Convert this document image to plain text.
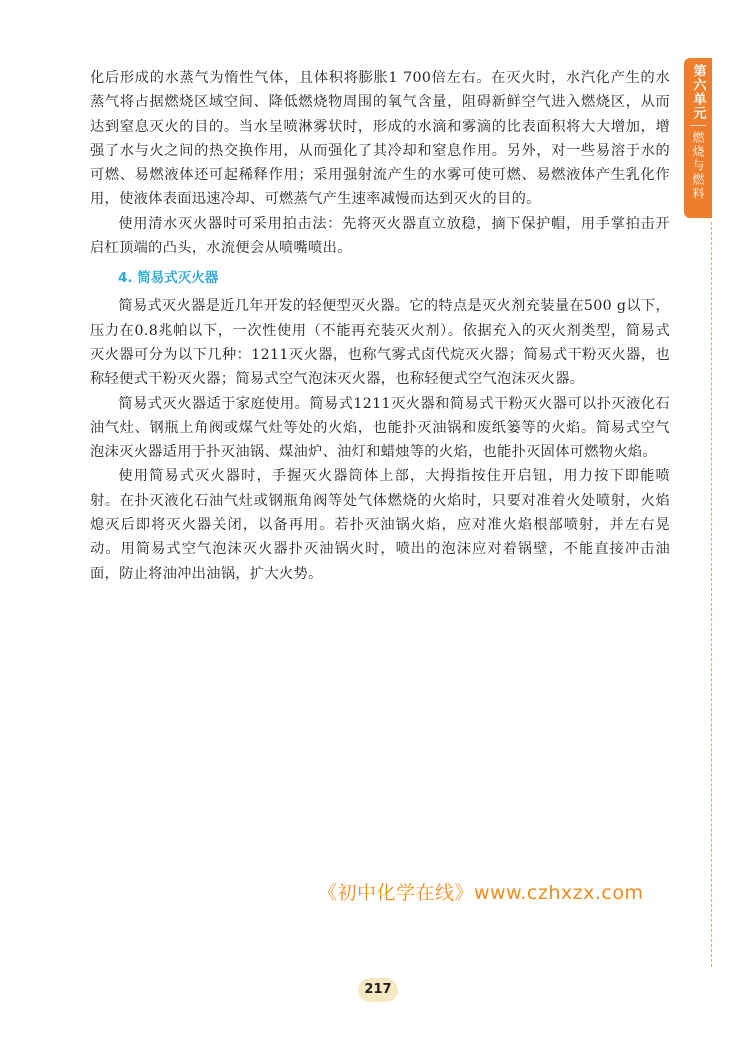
化后形成的水蒸气为惰性气体，且体积将膨胀1 700倍左右。在灭火时，水汽化产生的水蒸气将占据燃烧区域空间、降低燃烧物周围的氧气含量，阻碍新鲜空气进入燃烧区，从而达到窒息灭火的目的。当水呈喷淋雾状时，形成的水滴和雾滴的比表面积将大大增加，增强了水与火之间的热交换作用，从而强化了其冷却和窒息作用。另外，对一些易溶于水的可燃、易燃液体还可起稀释作用；采用强射流产生的水雾可使可燃、易燃液体产生乳化作用，使液体表面迅速冷却、可燃蒸气产生速率减慢而达到灭火的目的。

使用清水灭火器时可采用拍击法：先将灭火器直立放稳，摘下保护帽，用手掌拍击开启杠顶端的凸头，水流便会从喷嘴喷出。

4. 简易式灭火器

简易式灭火器是近几年开发的轻便型灭火器。它的特点是灭火剂充装量在500 g以下，压力在0.8兆帕以下，一次性使用（不能再充装灭火剂）。依据充入的灭火剂类型，简易式灭火器可分为以下几种：1211灭火器，也称气雾式卤代烷灭火器；简易式干粉灭火器，也称轻便式干粉灭火器；简易式空气泡沫灭火器，也称轻便式空气泡沫灭火器。

简易式灭火器适于家庭使用。简易式1211灭火器和简易式干粉灭火器可以扑灭液化石油气灶、钢瓶上角阀或煤气灶等处的火焰，也能扑灭油锅和废纸篓等的火焰。简易式空气泡沫灭火器适用于扑灭油锅、煤油炉、油灯和蜡烛等的火焰，也能扑灭固体可燃物火焰。

使用简易式灭火器时，手握灭火器筒体上部，大拇指按住开启钮，用力按下即能喷射。在扑灭液化石油气灶或钢瓶角阀等处气体燃烧的火焰时，只要对准着火处喷射，火焰熄灭后即将灭火器关闭，以备再用。若扑灭油锅火焰，应对准火焰根部喷射，并左右晃动。用简易式空气泡沫灭火器扑灭油锅火时，喷出的泡沫应对着锅壁，不能直接冲击油面，防止将油冲出油锅，扩大火势。

第六单元
燃烧与燃料
《初中化学在线》www.czhxzx.com
217
